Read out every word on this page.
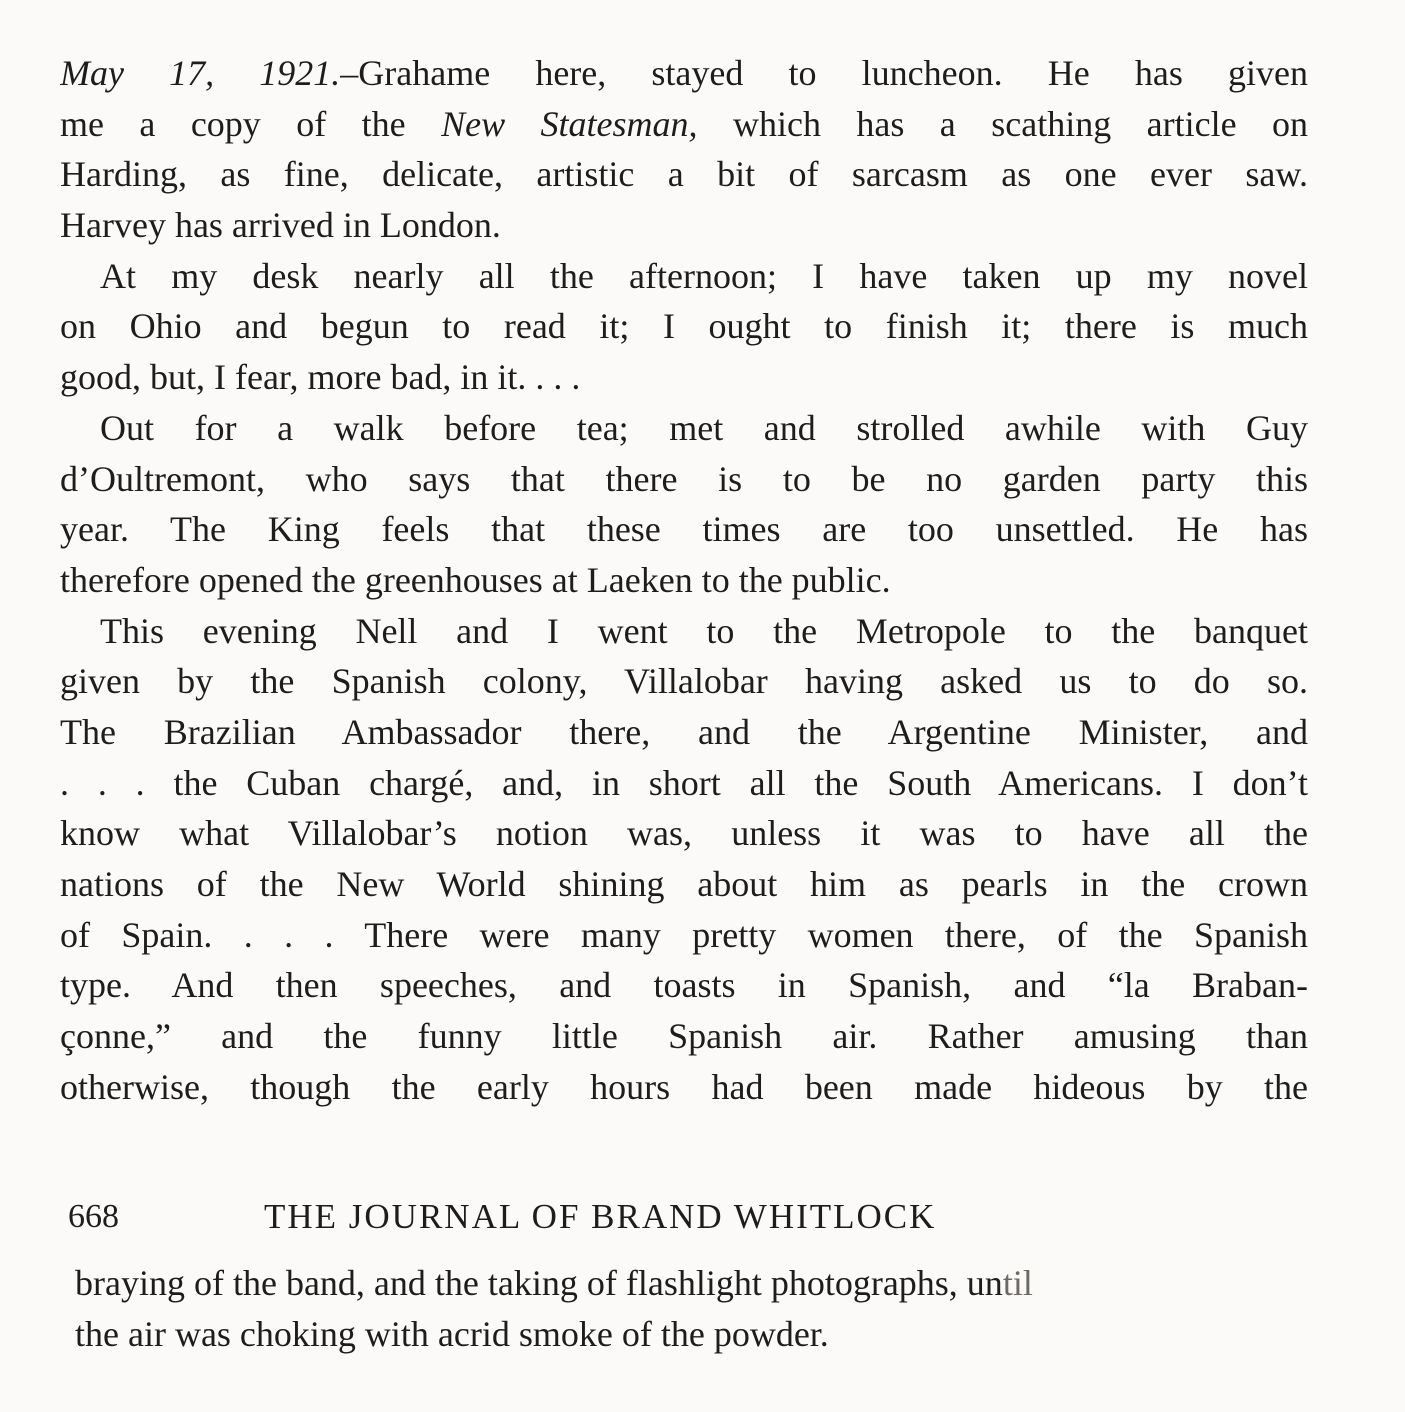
May 17, 1921.–Grahame here, stayed to luncheon. He has given
me a copy of the New Statesman, which has a scathing article on
Harding, as fine, delicate, artistic a bit of sarcasm as one ever saw.
Harvey has arrived in London.
At my desk nearly all the afternoon; I have taken up my novel
on Ohio and begun to read it; I ought to finish it; there is much
good, but, I fear, more bad, in it. . . .
Out for a walk before tea; met and strolled awhile with Guy
d’Oultremont, who says that there is to be no garden party this
year. The King feels that these times are too unsettled. He has
therefore opened the greenhouses at Laeken to the public.
This evening Nell and I went to the Metropole to the banquet
given by the Spanish colony, Villalobar having asked us to do so.
The Brazilian Ambassador there, and the Argentine Minister, and
. . . the Cuban chargé, and, in short all the South Americans. I don’t
know what Villalobar’s notion was, unless it was to have all the
nations of the New World shining about him as pearls in the crown
of Spain. . . . There were many pretty women there, of the Spanish
type. And then speeches, and toasts in Spanish, and “la Braban-
çonne,” and the funny little Spanish air. Rather amusing than
otherwise, though the early hours had been made hideous by the
668	THE JOURNAL OF BRAND WHITLOCK
braying of the band, and the taking of flashlight photographs, until
the air was choking with acrid smoke of the powder.
